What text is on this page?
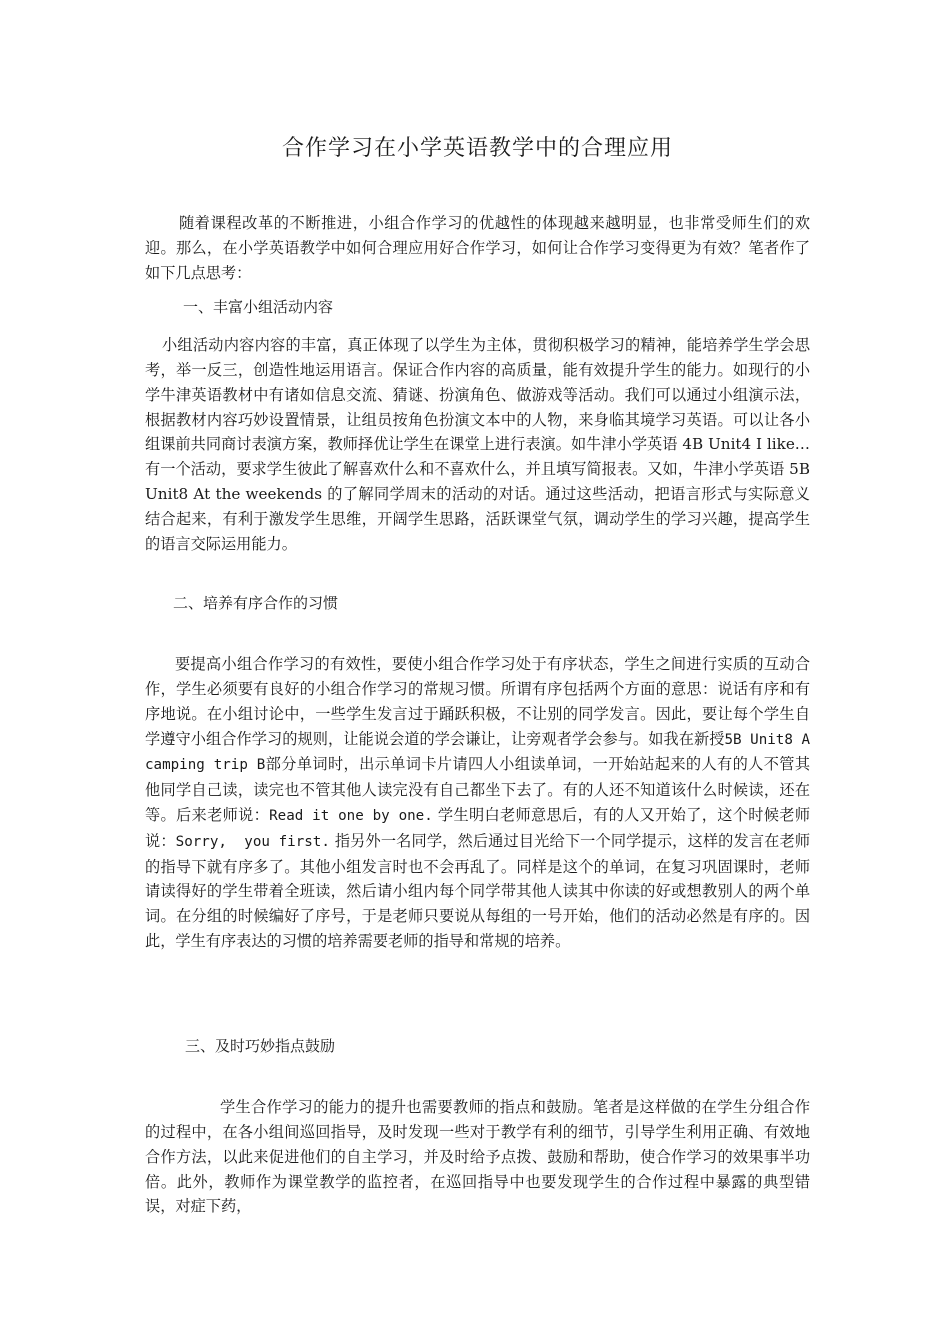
合作学习在小学英语教学中的合理应用

随着课程改革的不断推进，小组合作学习的优越性的体现越来越明显，也非常受师生们的欢迎。那么，在小学英语教学中如何合理应用好合作学习，如何让合作学习变得更为有效？笔者作了如下几点思考：

一、丰富小组活动内容

小组活动内容内容的丰富，真正体现了以学生为主体，贯彻积极学习的精神，能培养学生学会思考，举一反三，创造性地运用语言。保证合作内容的高质量，能有效提升学生的能力。如现行的小学牛津英语教材中有诸如信息交流、猜谜、扮演角色、做游戏等活动。我们可以通过小组演示法，根据教材内容巧妙设置情景，让组员按角色扮演文本中的人物，来身临其境学习英语。可以让各小组课前共同商讨表演方案，教师择优让学生在课堂上进行表演。如牛津小学英语 4B Unit4 I like…有一个活动，要求学生彼此了解喜欢什么和不喜欢什么，并且填写简报表。又如，牛津小学英语 5BUnit8 At the weekends 的了解同学周末的活动的对话。通过这些活动，把语言形式与实际意义结合起来，有利于激发学生思维，开阔学生思路，活跃课堂气氛，调动学生的学习兴趣，提高学生的语言交际运用能力。

二、培养有序合作的习惯

要提高小组合作学习的有效性，要使小组合作学习处于有序状态，学生之间进行实质的互动合作，学生必须要有良好的小组合作学习的常规习惯。所谓有序包括两个方面的意思：说话有序和有序地说。在小组讨论中，一些学生发言过于踊跃积极，不让别的同学发言。因此，要让每个学生自学遵守小组合作学习的规则，让能说会道的学会谦让，让旁观者学会参与。如我在新授5B Unit8 A camping trip B部分单词时，出示单词卡片请四人小组读单词，一开始站起来的人有的人不管其他同学自己读，读完也不管其他人读完没有自己都坐下去了。有的人还不知道该什么时候读，还在等。后来老师说：Read it one by one. 学生明白老师意思后，有的人又开始了，这个时候老师说：Sorry,  you first. 指另外一名同学，然后通过目光给下一个同学提示，这样的发言在老师的指导下就有序多了。其他小组发言时也不会再乱了。同样是这个的单词，在复习巩固课时，老师请读得好的学生带着全班读，然后请小组内每个同学带其他人读其中你读的好或想教别人的两个单词。在分组的时候编好了序号，于是老师只要说从每组的一号开始，他们的活动必然是有序的。因此，学生有序表达的习惯的培养需要老师的指导和常规的培养。

三、及时巧妙指点鼓励

学生合作学习的能力的提升也需要教师的指点和鼓励。笔者是这样做的在学生分组合作的过程中，在各小组间巡回指导，及时发现一些对于教学有利的细节，引导学生利用正确、有效地合作方法，以此来促进他们的自主学习，并及时给予点拨、鼓励和帮助，使合作学习的效果事半功倍。此外，教师作为课堂教学的监控者，在巡回指导中也要发现学生的合作过程中暴露的典型错误，对症下药，
